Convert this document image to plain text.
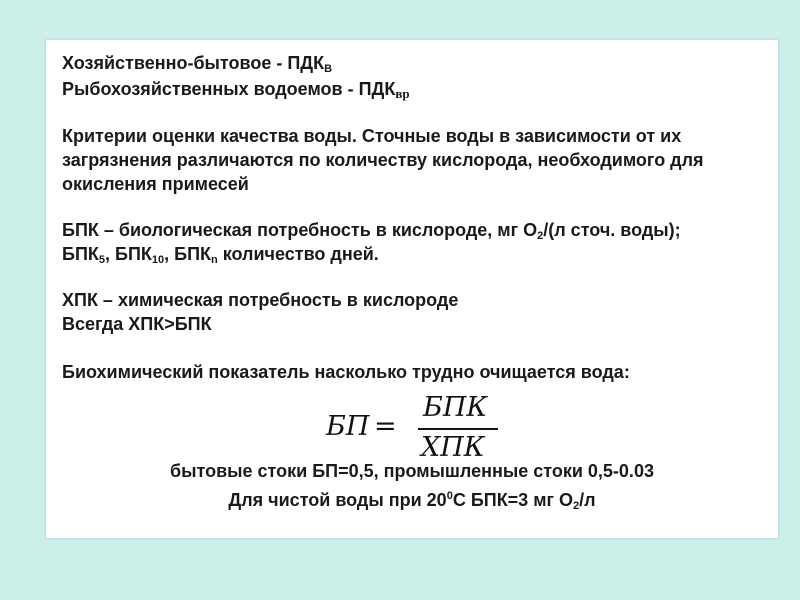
Хозяйственно-бытовое - $ПДК_В$

Рыбохозяйственных водоемов - $ПДК_{вр}$

Критерии оценки качества воды. Сточные воды в зависимости от их

загрязнения различаются по количеству кислорода, необходимого для

окисления примесей

БПК – биологическая потребность в кислороде, мг $O_2/(л$ сточ. воды);

$БПК_5$, $БПК_{10}$, $БПК_n$ количество дней.

ХПК – химическая потребность в кислороде

Всегда ХПК>БПК

Биохимический показатель насколько трудно очищается вода:

БП =
БПК
ХПК

бытовые стоки БП=0,5, промышленные стоки 0,5-0.03

Для чистой воды при $20^0С$ БПК=3 мг $O_2/л$
